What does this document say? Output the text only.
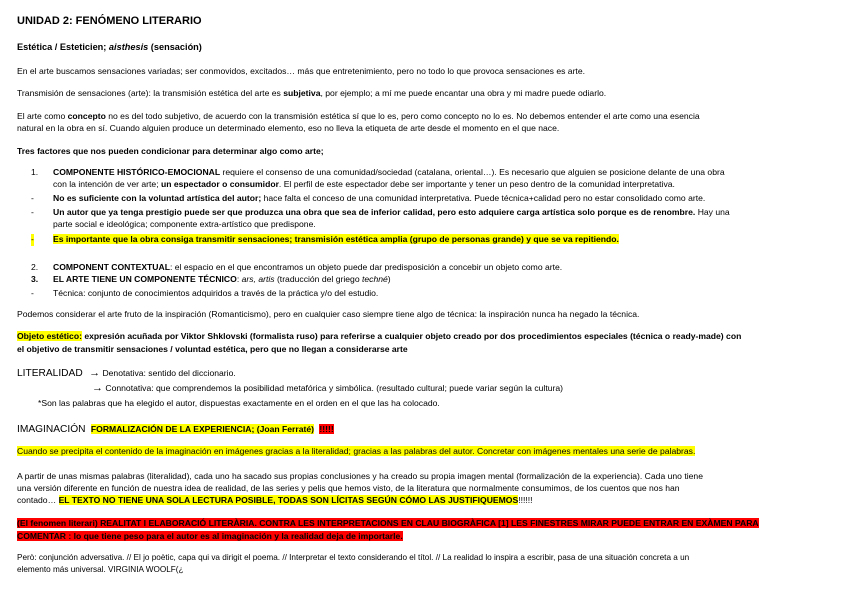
UNIDAD 2: FENÓMENO LITERARIO
Estética / Esteticien; aisthesis (sensación)
En el arte buscamos sensaciones variadas; ser conmovidos, excitados… más que entretenimiento, pero no todo lo que provoca sensaciones es arte.
Transmisión de sensaciones (arte): la transmisión estética del arte es subjetiva, por ejemplo; a mí me puede encantar una obra y mi madre puede odiarlo.
El arte como concepto no es del todo subjetivo, de acuerdo con la transmisión estética sí que lo es, pero como concepto no lo es. No debemos entender el arte como una esencia
natural en la obra en sí. Cuando alguien produce un determinado elemento, eso no lleva la etiqueta de arte desde el momento en el que nace.
Tres factores que nos pueden condicionar para determinar algo como arte;
1. COMPONENTE HISTÓRICO-EMOCIONAL requiere el consenso de una comunidad/sociedad (catalana, oriental…). Es necesario que alguien se posicione delante de una obra
con la intención de ver arte; un espectador o consumidor. El perfil de este espectador debe ser importante y tener un peso dentro de la comunidad interpretativa.
- No es suficiente con la voluntad artística del autor; hace falta el conceso de una comunidad interpretativa. Puede técnica+calidad pero no estar consolidado como arte.
- Un autor que ya tenga prestigio puede ser que produzca una obra que sea de inferior calidad, pero esto adquiere carga artística solo porque es de renombre. Hay una
parte social e ideológica; componente extra-artístico que predispone.
- Es importante que la obra consiga transmitir sensaciones; transmisión estética amplia (grupo de personas grande) y que se va repitiendo.
2. COMPONENT CONTEXTUAL: el espacio en el que encontramos un objeto puede dar predisposición a concebir un objeto como arte.
3. EL ARTE TIENE UN COMPONENTE TÉCNICO: ars, artis (traducción del griego techné)
- Técnica: conjunto de conocimientos adquiridos a través de la práctica y/o del estudio.
Podemos considerar el arte fruto de la inspiración (Romanticismo), pero en cualquier caso siempre tiene algo de técnica: la inspiración nunca ha negado la técnica.
Objeto estético: expresión acuñada por Viktor Shklovski (formalista ruso) para referirse a cualquier objeto creado por dos procedimientos especiales (técnica o ready-made) con
el objetivo de transmitir sensaciones / voluntad estética, pero que no llegan a considerarse arte
LITERALIDAD → Denotativa: sentido del diccionario.
→ Connotativa: que comprendemos la posibilidad metafórica y simbólica. (resultado cultural; puede variar según la cultura)
*Son las palabras que ha elegido el autor, dispuestas exactamente en el orden en el que las ha colocado.
IMAGINACIÓN FORMALIZACIÓN DE LA EXPERIENCIA; (Joan Ferraté) !!!!!
Cuando se precipita el contenido de la imaginación en imágenes gracias a la literalidad; gracias a las palabras del autor. Concretar con imágenes mentales una serie de palabras.
A partir de unas mismas palabras (literalidad), cada uno ha sacado sus propias conclusiones y ha creado su propia imagen mental (formalización de la experiencia). Cada uno tiene
una versión diferente en función de nuestra idea de realidad, de las series y pelis que hemos visto, de la literatura que normalmente consumimos, de los cuentos que nos han
contado… EL TEXTO NO TIENE UNA SOLA LECTURA POSIBLE, TODAS SON LÍCITAS SEGÚN CÓMO LAS JUSTIFIQUEMOS!!!!!!
(El fenomen literari) REALITAT I ELABORACIÓ LITERÀRIA. CONTRA LES INTERPRETACIONS EN CLAU BIOGRÀFICA [1] LES FINESTRES MIRAR PUEDE ENTRAR EN EXÀMEN PARA
COMENTAR : lo que tiene peso para el autor es al imaginación y la realidad deja de importarle.
Però: conjunción adversativa. // El jo poètic, capa qui va dirigit el poema. // Interpretar el texto considerando el títol. // La realidad lo inspira a escribir, pasa de una situación concreta a un
elemento más universal. VIRGINIA WOOLF(¿
